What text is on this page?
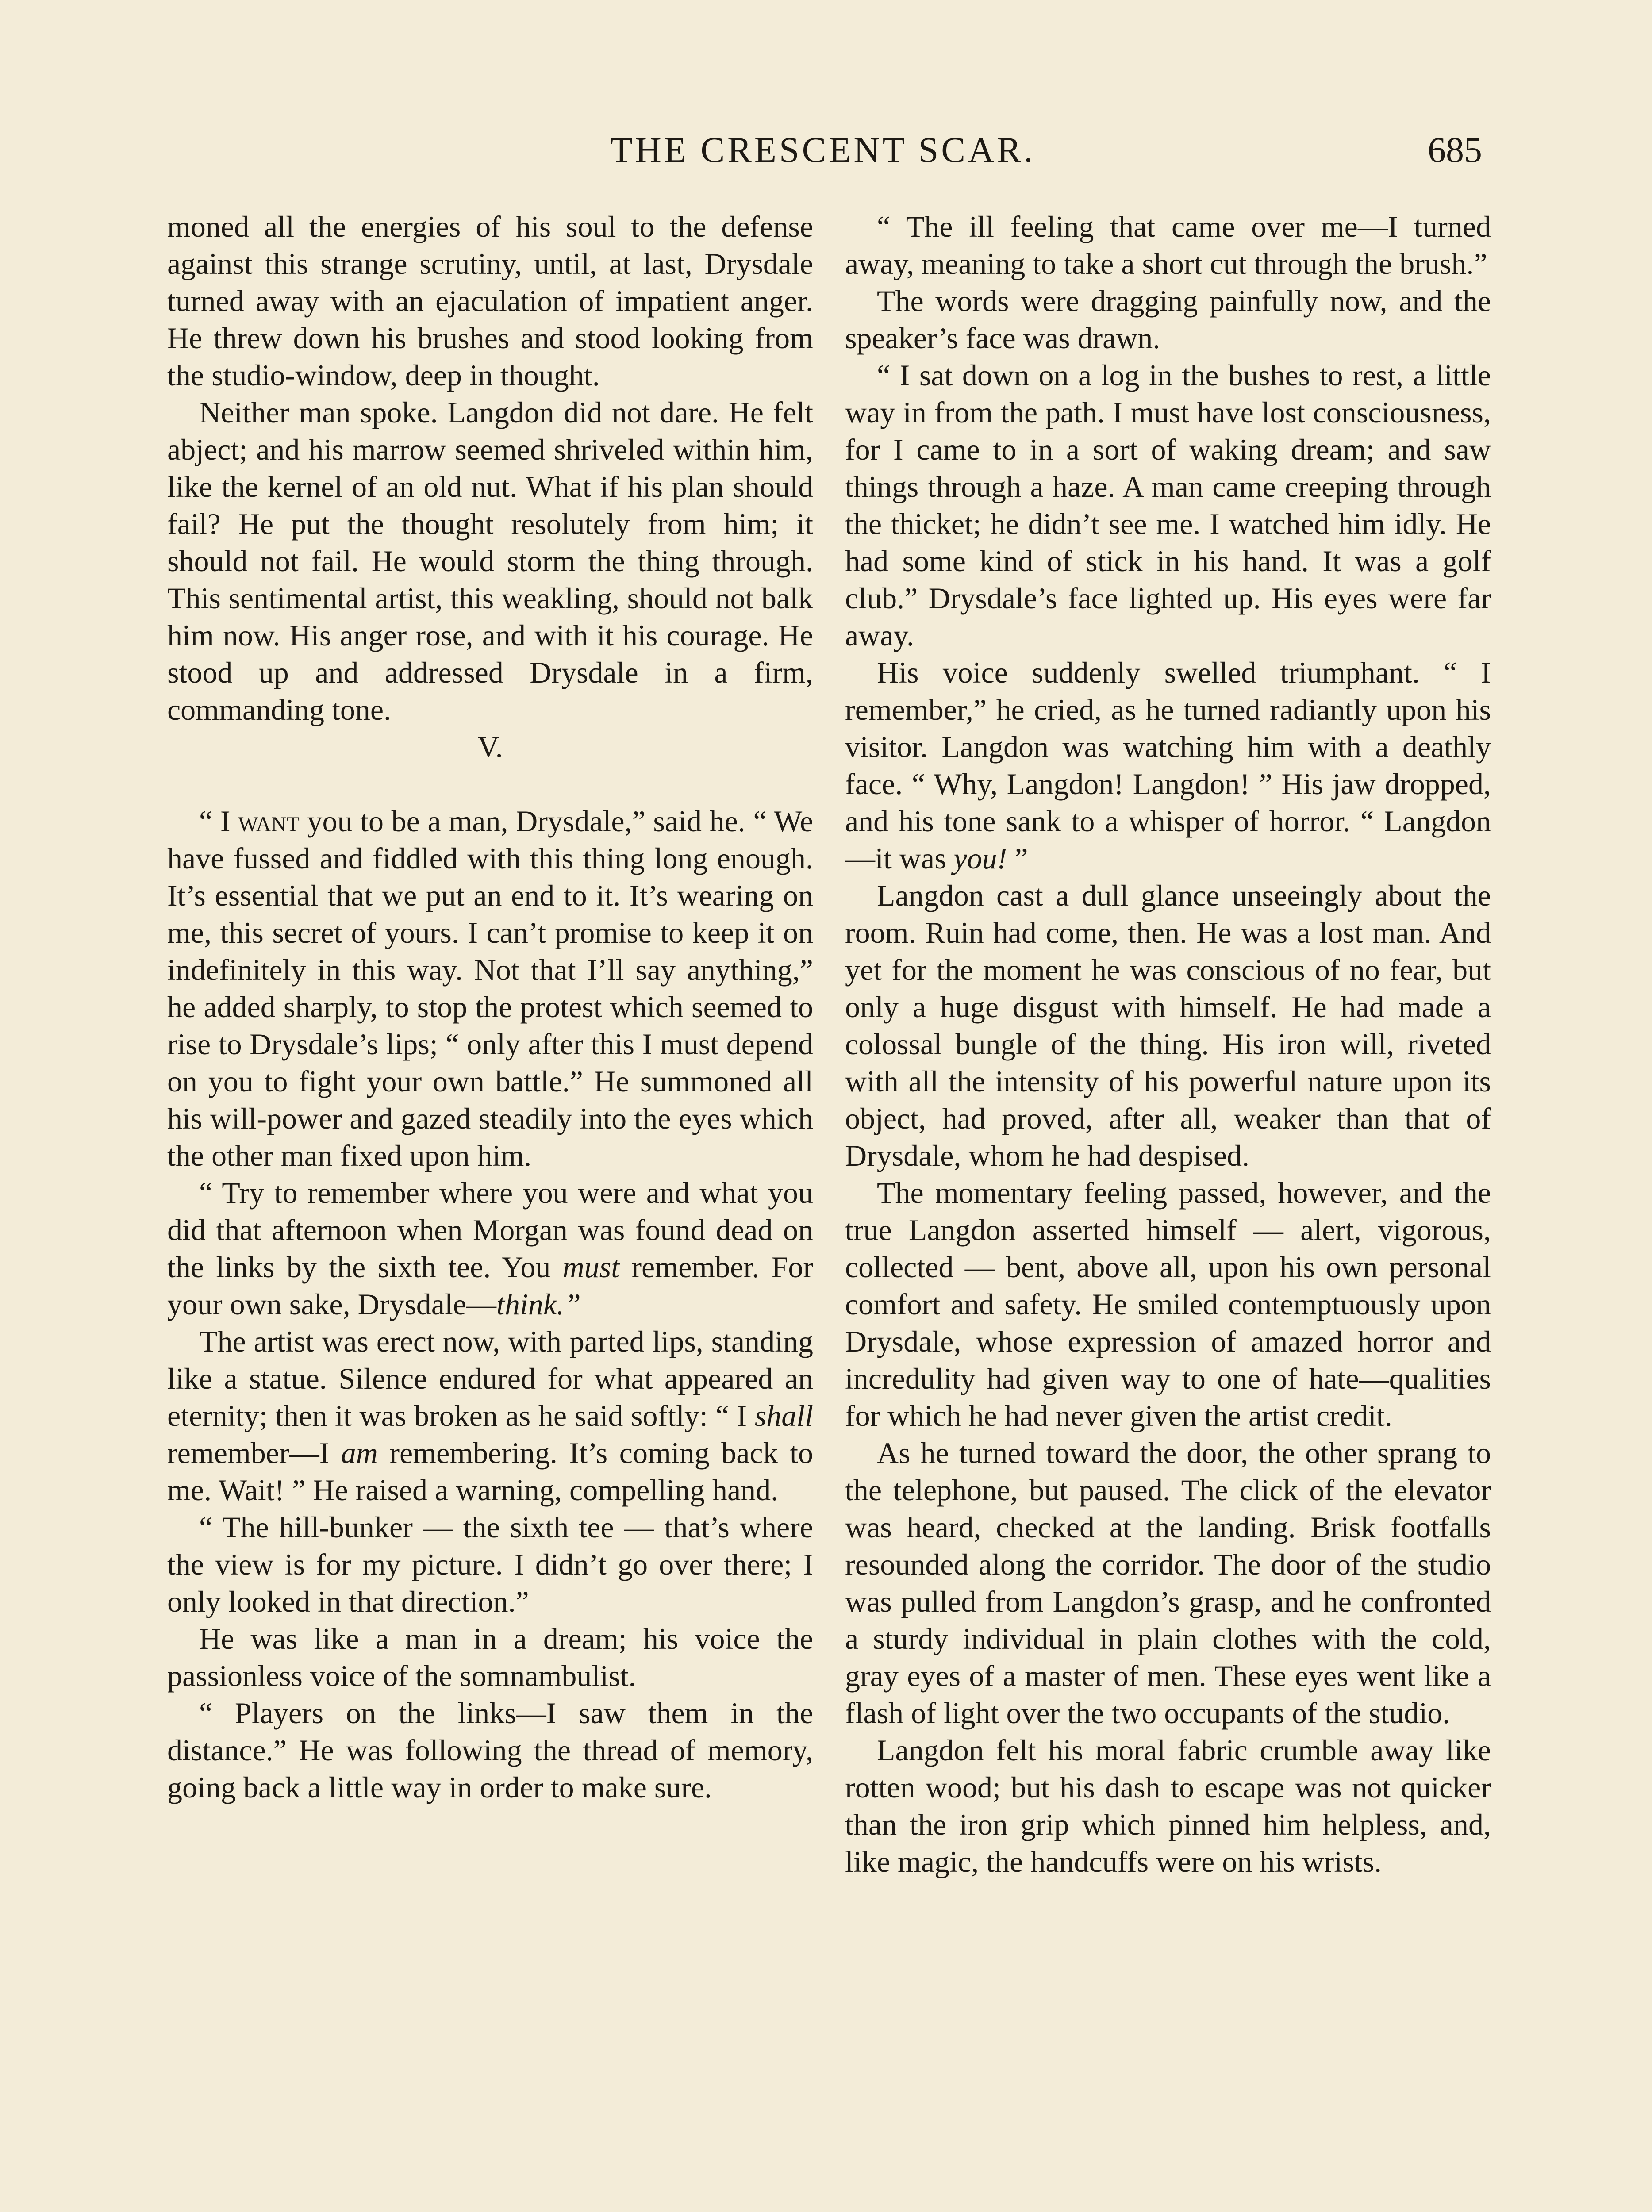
THE CRESCENT SCAR.	685

moned all the energies of his soul to the defense against this strange scrutiny, until, at last, Drysdale turned away with an ejaculation of impatient anger. He threw down his brushes and stood looking from the studio-window, deep in thought.

Neither man spoke. Langdon did not dare. He felt abject; and his marrow seemed shriveled within him, like the kernel of an old nut. What if his plan should fail? He put the thought resolutely from him; it should not fail. He would storm the thing through. This sentimental artist, this weakling, should not balk him now. His anger rose, and with it his courage. He stood up and addressed Drysdale in a firm, commanding tone.

V.

“ I want you to be a man, Drysdale,” said he. “ We have fussed and fiddled with this thing long enough. It’s essential that we put an end to it. It’s wearing on me, this secret of yours. I can’t promise to keep it on indefinitely in this way. Not that I’ll say anything,” he added sharply, to stop the protest which seemed to rise to Drysdale’s lips; “ only after this I must depend on you to fight your own battle.” He summoned all his will-power and gazed steadily into the eyes which the other man fixed upon him.

“ Try to remember where you were and what you did that afternoon when Morgan was found dead on the links by the sixth tee. You must remember. For your own sake, Drysdale—think.”

The artist was erect now, with parted lips, standing like a statue. Silence endured for what appeared an eternity; then it was broken as he said softly: “ I shall remember—I am remembering. It’s coming back to me. Wait! ” He raised a warning, compelling hand.

“ The hill-bunker — the sixth tee — that’s where the view is for my picture. I didn’t go over there; I only looked in that direction.”

He was like a man in a dream; his voice the passionless voice of the somnambulist.

“ Players on the links—I saw them in the distance.” He was following the thread of memory, going back a little way in order to make sure.

“ The ill feeling that came over me—I turned away, meaning to take a short cut through the brush.”

The words were dragging painfully now, and the speaker’s face was drawn.

“ I sat down on a log in the bushes to rest, a little way in from the path. I must have lost consciousness, for I came to in a sort of waking dream; and saw things through a haze. A man came creeping through the thicket; he didn’t see me. I watched him idly. He had some kind of stick in his hand. It was a golf club.” Drysdale’s face lighted up. His eyes were far away.

His voice suddenly swelled triumphant. “ I remember,” he cried, as he turned radiantly upon his visitor. Langdon was watching him with a deathly face. “ Why, Langdon! Langdon! ” His jaw dropped, and his tone sank to a whisper of horror. “ Langdon—it was you! ”

Langdon cast a dull glance unseeingly about the room. Ruin had come, then. He was a lost man. And yet for the moment he was conscious of no fear, but only a huge disgust with himself. He had made a colossal bungle of the thing. His iron will, riveted with all the intensity of his powerful nature upon its object, had proved, after all, weaker than that of Drysdale, whom he had despised.

The momentary feeling passed, however, and the true Langdon asserted himself — alert, vigorous, collected — bent, above all, upon his own personal comfort and safety. He smiled contemptuously upon Drysdale, whose expression of amazed horror and incredulity had given way to one of hate—qualities for which he had never given the artist credit.

As he turned toward the door, the other sprang to the telephone, but paused. The click of the elevator was heard, checked at the landing. Brisk footfalls resounded along the corridor. The door of the studio was pulled from Langdon’s grasp, and he confronted a sturdy individual in plain clothes with the cold, gray eyes of a master of men. These eyes went like a flash of light over the two occupants of the studio.

Langdon felt his moral fabric crumble away like rotten wood; but his dash to escape was not quicker than the iron grip which pinned him helpless, and, like magic, the handcuffs were on his wrists.
